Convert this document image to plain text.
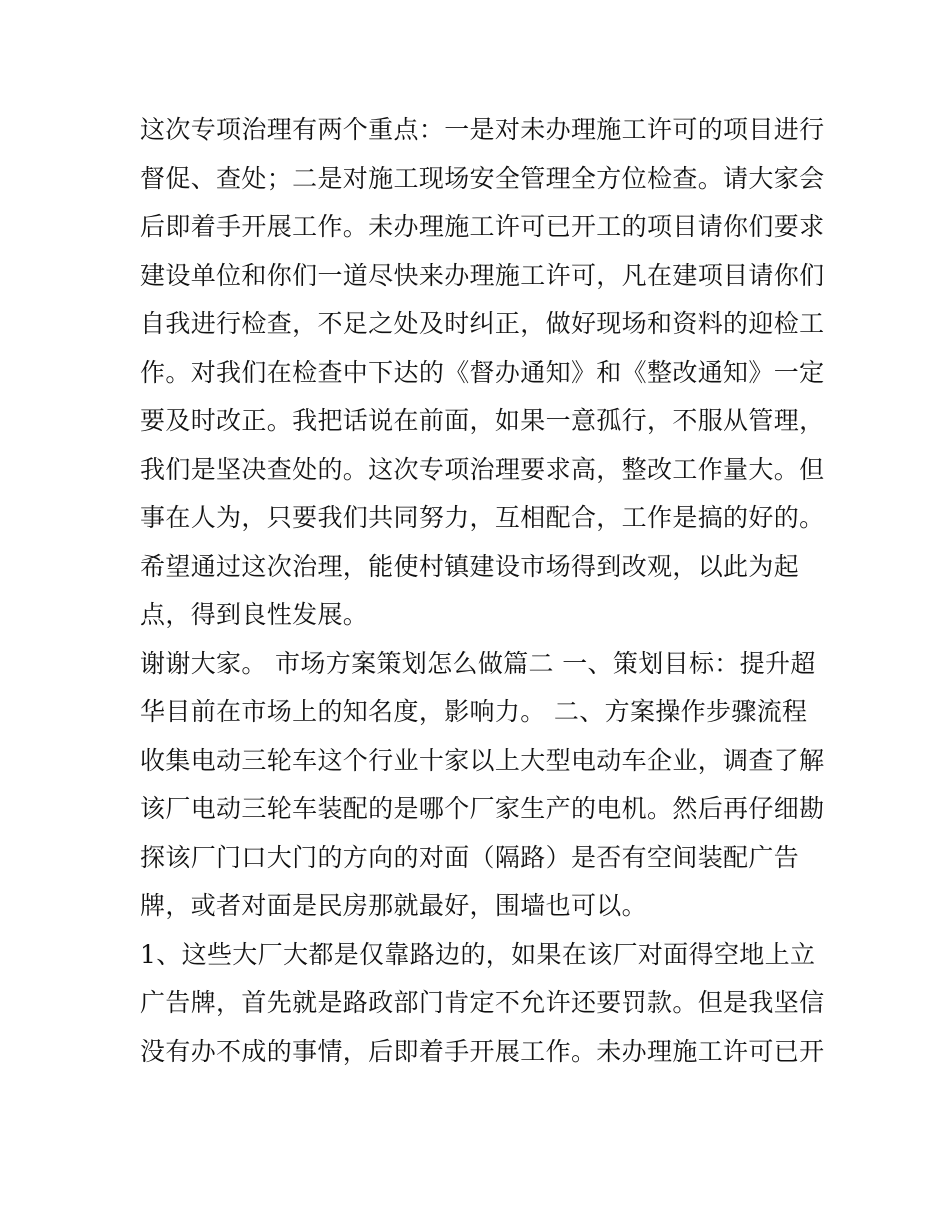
这次专项治理有两个重点：一是对未办理施工许可的项目进行
督促、查处；二是对施工现场安全管理全方位检查。请大家会
后即着手开展工作。未办理施工许可已开工的项目请你们要求
建设单位和你们一道尽快来办理施工许可，凡在建项目请你们
自我进行检查，不足之处及时纠正，做好现场和资料的迎检工
作。对我们在检查中下达的《督办通知》和《整改通知》一定
要及时改正。我把话说在前面，如果一意孤行，不服从管理，
我们是坚决查处的。这次专项治理要求高，整改工作量大。但
事在人为，只要我们共同努力，互相配合，工作是搞的好的。
希望通过这次治理，能使村镇建设市场得到改观，以此为起
点，得到良性发展。
谢谢大家。 市场方案策划怎么做篇二 一、策划目标：提升超
华目前在市场上的知名度，影响力。 二、方案操作步骤流程
收集电动三轮车这个行业十家以上大型电动车企业，调查了解
该厂电动三轮车装配的是哪个厂家生产的电机。然后再仔细勘
探该厂门口大门的方向的对面（隔路）是否有空间装配广告
牌，或者对面是民房那就最好，围墙也可以。
1、这些大厂大都是仅靠路边的，如果在该厂对面得空地上立
广告牌，首先就是路政部门肯定不允许还要罚款。但是我坚信
没有办不成的事情，后即着手开展工作。未办理施工许可已开
